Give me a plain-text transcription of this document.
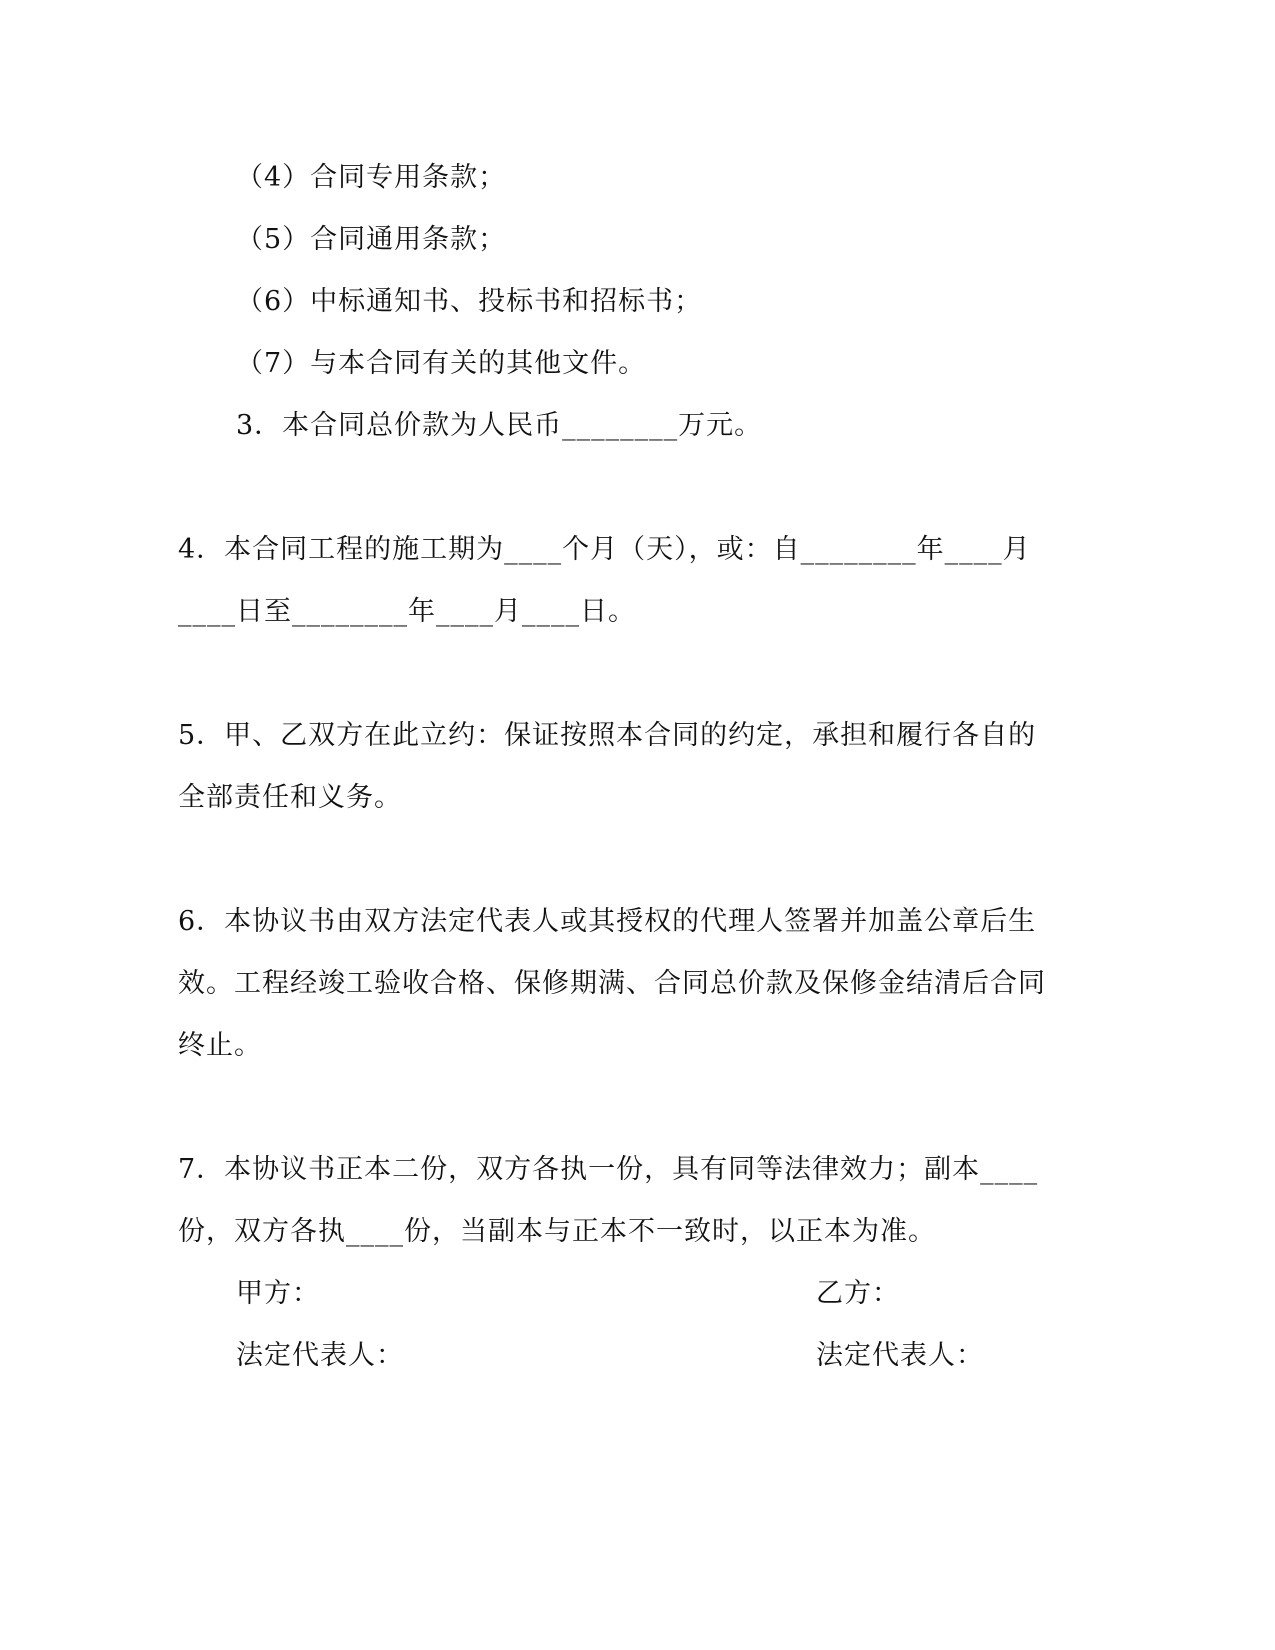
（4）合同专用条款；
（5）合同通用条款；
（6）中标通知书、投标书和招标书；
（7）与本合同有关的其他文件。
3．本合同总价款为人民币________万元。
4．本合同工程的施工期为____个月（天），或：自________年____月
____日至________年____月____日。
5．甲、乙双方在此立约：保证按照本合同的约定，承担和履行各自的
全部责任和义务。
6．本协议书由双方法定代表人或其授权的代理人签署并加盖公章后生
效。工程经竣工验收合格、保修期满、合同总价款及保修金结清后合同
终止。
7．本协议书正本二份，双方各执一份，具有同等法律效力；副本____
份，双方各执____份，当副本与正本不一致时，以正本为准。
甲方：	乙方：
法定代表人：	法定代表人：
